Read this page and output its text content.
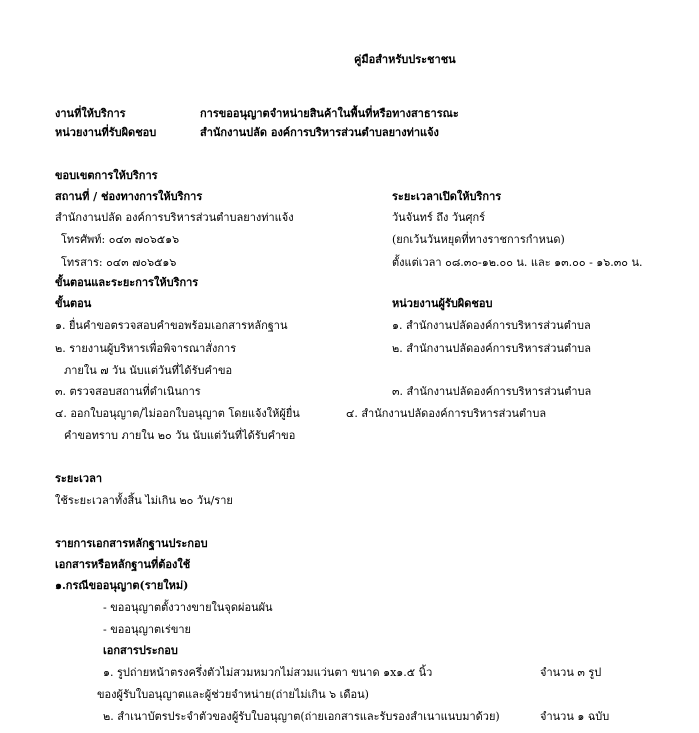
คู่มือสำหรับประชาชน
งานที่ให้บริการ	การขออนุญาตจำหน่ายสินค้าในพื้นที่หรือทางสาธารณะ
หน่วยงานที่รับผิดชอบ	สำนักงานปลัด องค์การบริหารส่วนตำบลยางท่าแจ้ง
ขอบเขตการให้บริการ
สถานที่ / ช่องทางการให้บริการ	ระยะเวลาเปิดให้บริการ
สำนักงานปลัด องค์การบริหารส่วนตำบลยางท่าแจ้ง	วันจันทร์ ถึง วันศุกร์
โทรศัพท์: ๐๔๓ ๗๐๖๕๑๖	(ยกเว้นวันหยุดที่ทางราชการกำหนด)
โทรสาร: ๐๔๓ ๗๐๖๕๑๖	ตั้งแต่เวลา ๐๘.๓๐-๑๒.๐๐ น. และ ๑๓.๐๐ - ๑๖.๓๐ น.
ขั้นตอนและระยะการให้บริการ
ขั้นตอน	หน่วยงานผู้รับผิดชอบ
๑. ยื่นคำขอตรวจสอบคำขอพร้อมเอกสารหลักฐาน	๑. สำนักงานปลัดองค์การบริหารส่วนตำบล
๒. รายงานผู้บริหารเพื่อพิจารณาสั่งการ	๒. สำนักงานปลัดองค์การบริหารส่วนตำบล
ภายใน ๗ วัน นับแต่วันที่ได้รับคำขอ
๓. ตรวจสอบสถานที่ดำเนินการ	๓. สำนักงานปลัดองค์การบริหารส่วนตำบล
๔. ออกใบอนุญาต/ไม่ออกใบอนุญาต โดยแจ้งให้ผู้ยื่น	๔. สำนักงานปลัดองค์การบริหารส่วนตำบล
คำขอทราบ ภายใน ๒๐ วัน นับแต่วันที่ได้รับคำขอ
ระยะเวลา
ใช้ระยะเวลาทั้งสิ้น ไม่เกิน ๒๐ วัน/ราย
รายการเอกสารหลักฐานประกอบ
เอกสารหรือหลักฐานที่ต้องใช้
๑.กรณีขออนุญาต(รายใหม่)
- ขออนุญาตตั้งวางขายในจุดผ่อนผัน
- ขออนุญาตเร่ขาย
เอกสารประกอบ
๑. รูปถ่ายหน้าตรงครึ่งตัวไม่สวมหมวกไม่สวมแว่นตา ขนาด ๑x๑.๕ นิ้ว	จำนวน ๓ รูป
ของผู้รับใบอนุญาตและผู้ช่วยจำหน่าย(ถ่ายไม่เกิน ๖ เดือน)
๒. สำเนาบัตรประจำตัวของผู้รับใบอนุญาต(ถ่ายเอกสารและรับรองสำเนาแนบมาด้วย)	จำนวน ๑ ฉบับ
